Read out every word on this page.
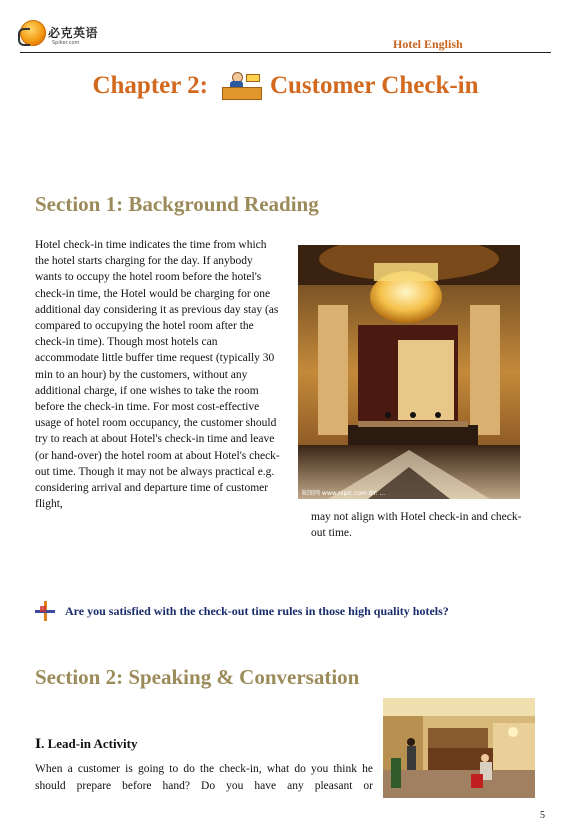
必克英语
Spiker.com	Hotel English
Chapter 2: Customer Check-in
Section 1: Background Reading
Hotel check-in time indicates the time from which the hotel starts charging for the day. If anybody wants to occupy the hotel room before the hotel's check-in time, the Hotel would be charging for one additional day considering it as previous day stay (as compared to occupying the hotel room after the check-in time). Though most hotels can accommodate little buffer time request (typically 30 min to an hour) by the customers, without any additional charge, if one wishes to take the room before the check-in time. For most cost-effective usage of hotel room occupancy, the customer should try to reach at about Hotel's check-in time and leave (or hand-over) the hotel room at about Hotel's check-out time. Though it may not be always practical e.g. considering arrival and departure time of customer flight,
昵图网 www.nipic.com BY: ...
may not align with Hotel check-in and check-out time.
Are you satisfied with the check-out time rules in those high quality hotels?
Section 2: Speaking & Conversation
Ⅰ. Lead-in Activity
When a customer is going to do the check-in, what do you think he should prepare before hand? Do you have any pleasant or
5
